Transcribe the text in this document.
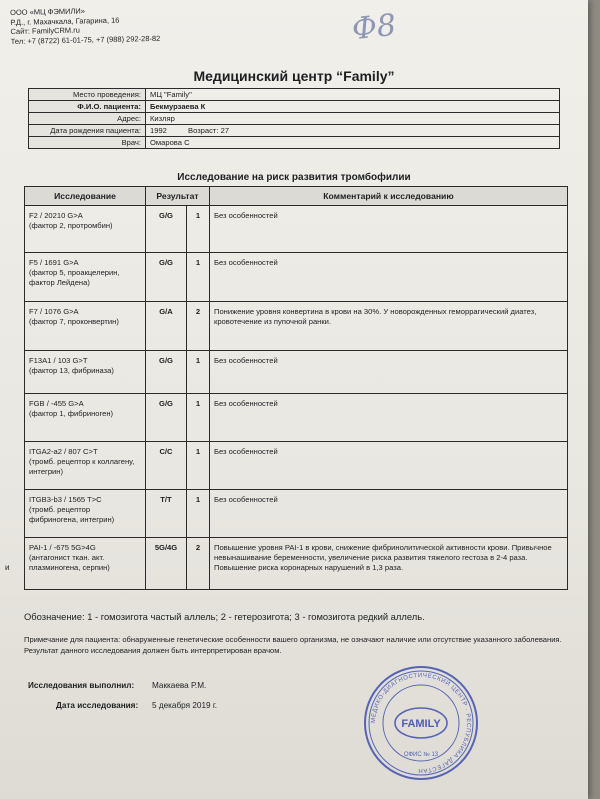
ООО «МЦ ФЭМИЛИ»
Р.Д., г. Махачкала, Гагарина, 16
Сайт: FamilyCRM.ru
Тел: +7 (8722) 61-01-75, +7 (988) 292-28-82	Ф8
Медицинский центр “Family”
Место проведения:	МЦ "Family"	
Ф.И.О. пациента:	Бекмурзаева К	
Адрес:	Кизляр	
Дата рождения пациента:	1992	Возраст: 27
Врач:	Омарова С	
Исследование на риск развития тромбофилии
Исследование	Результат		Комментарий к исследованию

F2 / 20210 G>A
(фактор 2, протромбин)	G/G	1	Без особенностей

F5 / 1691 G>A
(фактор 5, проакцелерин, фактор Лейдена)	G/G	1	Без особенностей

F7 / 1076 G>A
(фактор 7, проконвертин)	G/A	2	Понижение уровня конвертина в крови на 30%. У новорожденных геморрагический диатез, кровотечение из пупочной ранки.

F13A1 / 103 G>T
(фактор 13, фибриназа)	G/G	1	Без особенностей

FGB / -455 G>A
(фактор 1, фибриноген)	G/G	1	Без особенностей

ITGA2-a2 / 807 C>T
(тромб. рецептор к коллагену, интегрин)	C/C	1	Без особенностей

ITGB3-b3 / 1565 T>C
(тромб. рецептор фибриногена, интегрин)	T/T	1	Без особенностей

PAI-1 / -675 5G>4G
(антагонист ткан. акт. плазминогена, серпин)	5G/4G	2	Повышение уровня PAI-1 в крови, снижение фибринолитической активности крови. Привычное невынашивание беременности, увеличение риска развития тяжелого гестоза в 2-4 раза. Повышение риска коронарных нарушений в 1,3 раза.
и
Обозначение: 1 - гомозигота частый аллель; 2 - гетерозигота; 3 - гомозигота редкий аллель.
Примечание для пациента: обнаруженные генетические особенности вашего организма, не означают наличие или отсутствие указанного заболевания. Результат данного исследования должен быть интерпретирован врачом.
Исследования выполнил: Маккаева Р.М.
Дата исследования: 5 декабря 2019 г.
МЕДИКО-ДИАГНОСТИЧЕСКИЙ ЦЕНТР · РЕСПУБЛИКА ДАГЕСТАН
FAMILY
ОФИС № 13
